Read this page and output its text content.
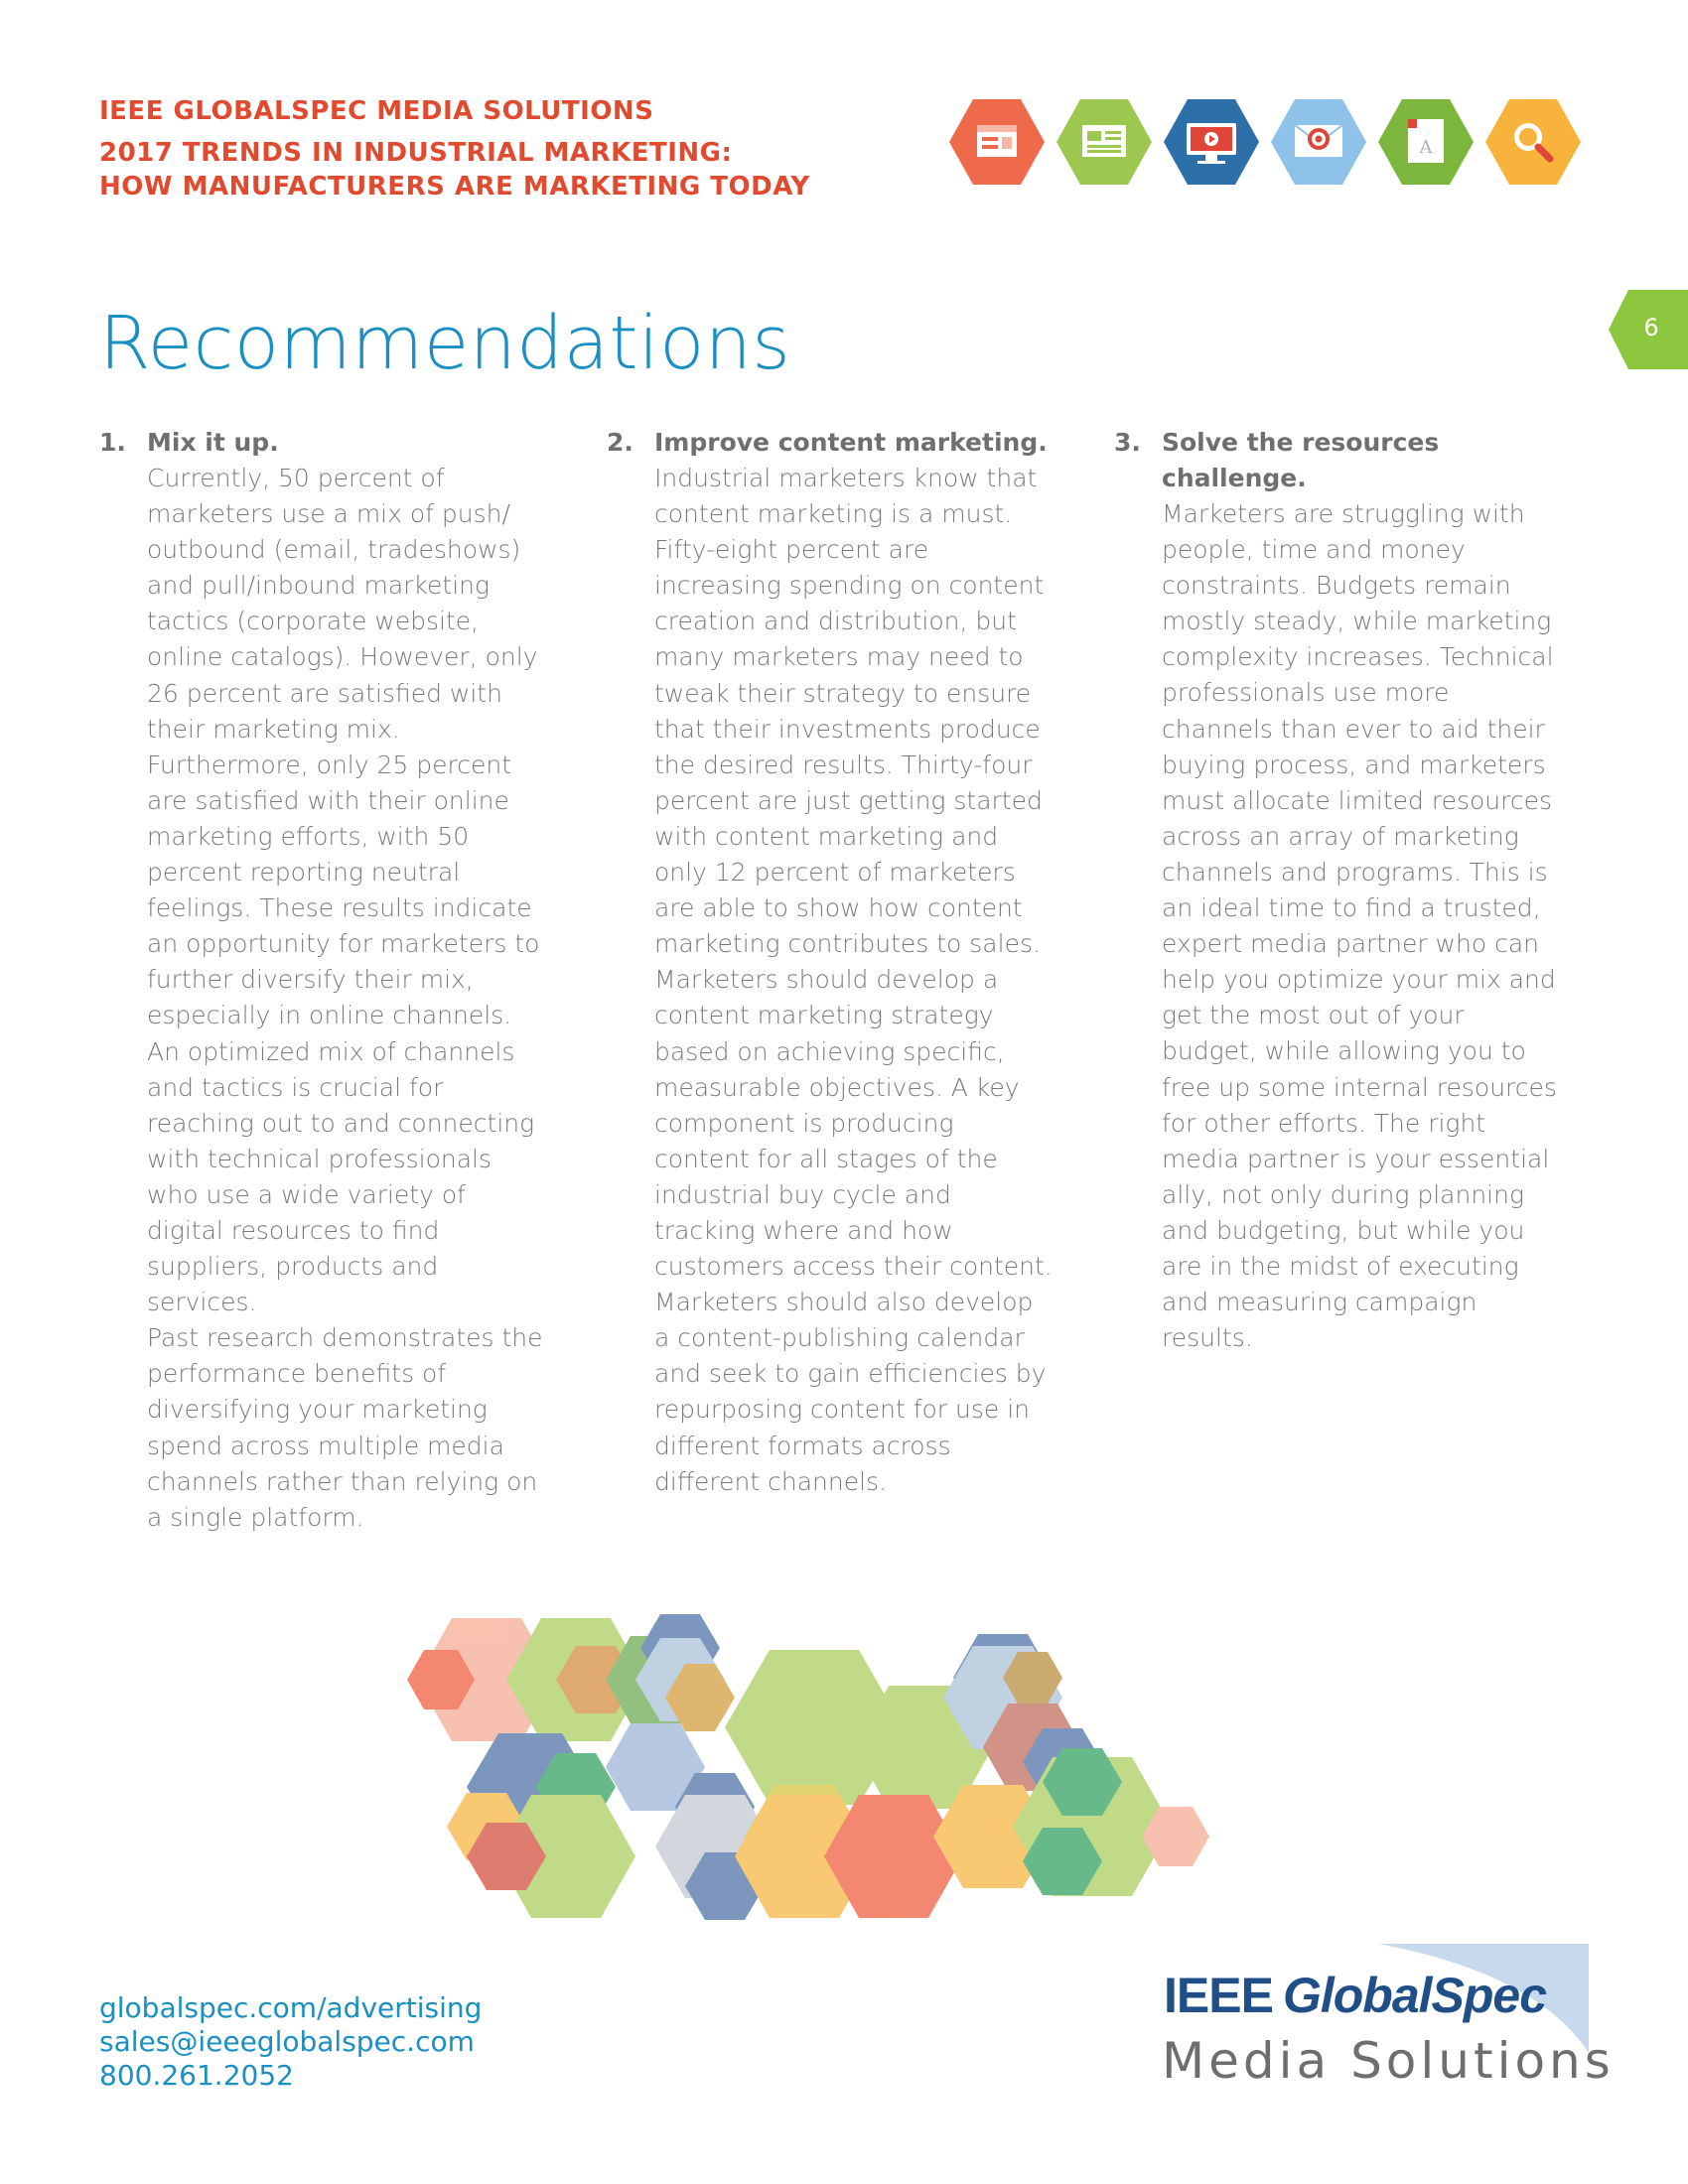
IEEE GLOBALSPEC MEDIA SOLUTIONS

2017 TRENDS IN INDUSTRIAL MARKETING:

HOW MANUFACTURERS ARE MARKETING TODAY

A
6
Recommendations

1. Mix it up.

Currently, 50 percent of marketers use a mix of push/ outbound (email, tradeshows) and pull/inbound marketing tactics (corporate website, online catalogs). However, only 26 percent are satisfied with their marketing mix. Furthermore, only 25 percent are satisfied with their online marketing efforts, with 50 percent reporting neutral feelings. These results indicate an opportunity for marketers to further diversify their mix, especially in online channels. An optimized mix of channels and tactics is crucial for reaching out to and connecting with technical professionals who use a wide variety of digital resources to find suppliers, products and services.

Past research demonstrates the performance benefits of diversifying your marketing spend across multiple media channels rather than relying on a single platform.

2. Improve content marketing.

Industrial marketers know that content marketing is a must. Fifty-eight percent are increasing spending on content creation and distribution, but many marketers may need to tweak their strategy to ensure that their investments produce the desired results. Thirty-four percent are just getting started with content marketing and only 12 percent of marketers are able to show how content marketing contributes to sales. Marketers should develop a content marketing strategy based on achieving specific, measurable objectives. A key component is producing content for all stages of the industrial buy cycle and tracking where and how customers access their content. Marketers should also develop a content-publishing calendar and seek to gain efficiencies by repurposing content for use in different formats across different channels.

3. Solve the resources challenge.

Marketers are struggling with people, time and money constraints. Budgets remain mostly steady, while marketing complexity increases. Technical professionals use more channels than ever to aid their buying process, and marketers must allocate limited resources across an array of marketing channels and programs. This is an ideal time to find a trusted, expert media partner who can help you optimize your mix and get the most out of your budget, while allowing you to free up some internal resources for other efforts. The right media partner is your essential ally, not only during planning and budgeting, but while you are in the midst of executing and measuring campaign results.

globalspec.com/advertising

sales@ieeeglobalspec.com

800.261.2052

IEEE GlobalSpec
Media Solutions
